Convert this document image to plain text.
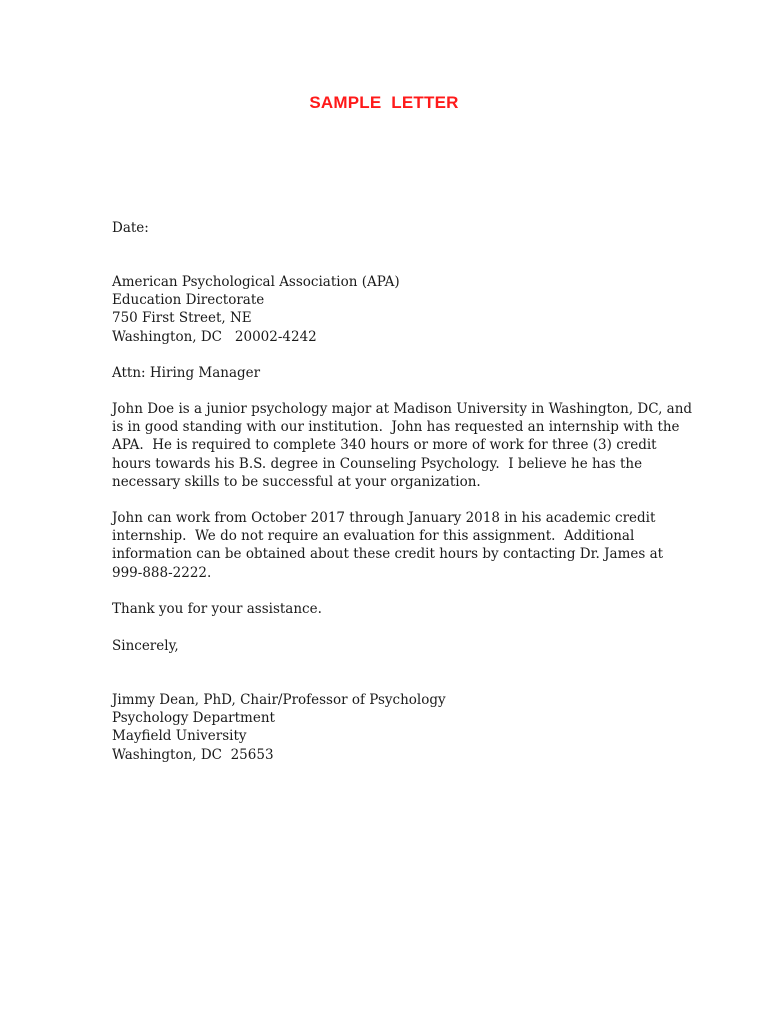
SAMPLE  LETTER
Date:
American Psychological Association (APA)
Education Directorate
750 First Street, NE
Washington, DC   20002-4242
Attn: Hiring Manager
John Doe is a junior psychology major at Madison University in Washington, DC, and
is in good standing with our institution.  John has requested an internship with the
APA.  He is required to complete 340 hours or more of work for three (3) credit
hours towards his B.S. degree in Counseling Psychology.  I believe he has the
necessary skills to be successful at your organization.
John can work from October 2017 through January 2018 in his academic credit
internship.  We do not require an evaluation for this assignment.  Additional
information can be obtained about these credit hours by contacting Dr. James at
999-888-2222.
Thank you for your assistance.
Sincerely,
Jimmy Dean, PhD, Chair/Professor of Psychology
Psychology Department
Mayfield University
Washington, DC  25653
